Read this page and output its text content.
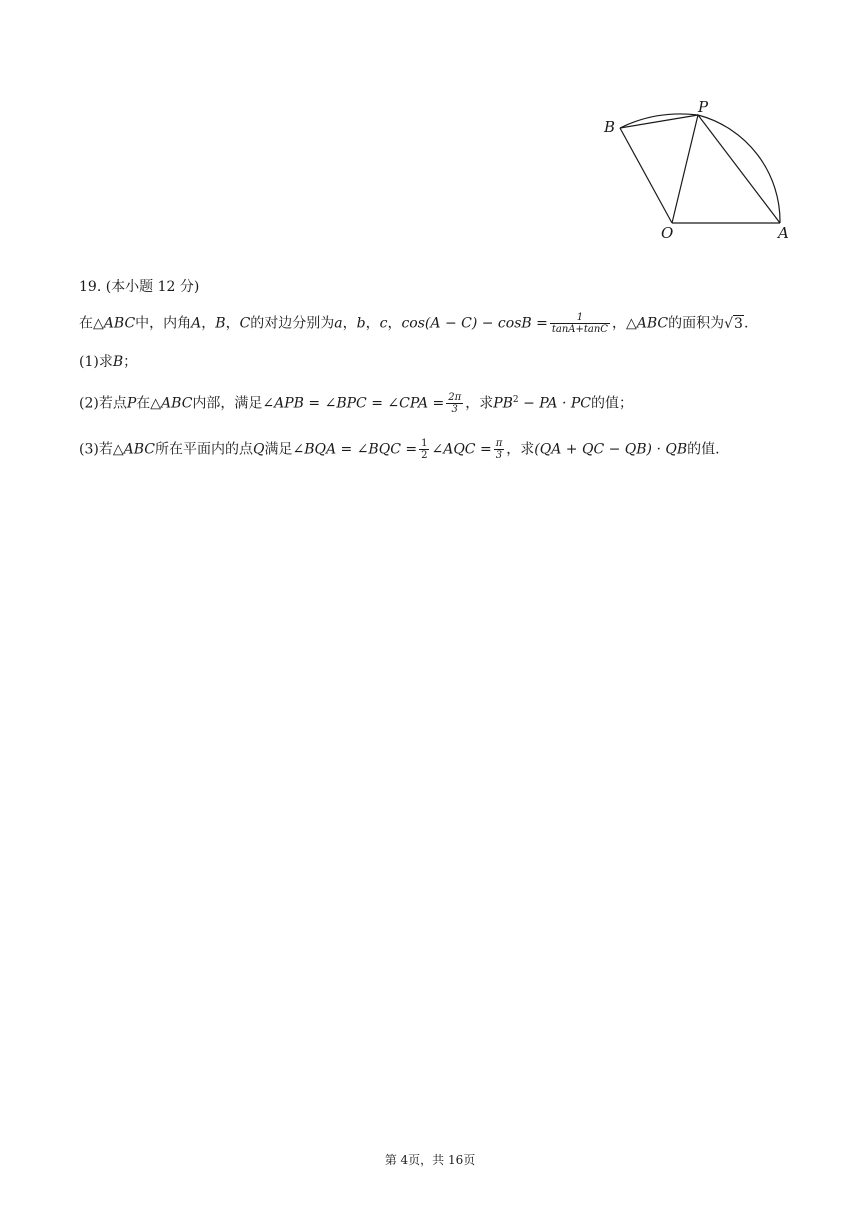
B
P
O	A
19. (本小题 12 分)
在△ABC中，内角A，B，C的对边分别为a，b，c，$\cos(A - C) - \cos B = \frac{1}{\tan A+\tan C}$ ，△ABC的面积为√3.
(1)求B；
(2)若点P在△ABC内部，满足∠APB = ∠BPC = ∠CPA = $\frac{2\pi}{3}$ ，求$PB^2$ − PA · PC的值；
(3)若△ABC所在平面内的点Q满足∠BQA = ∠BQC = $\frac{1}{2}$ ∠AQC = $\frac{\pi}{3}$ ，求(QA + QC − QB) · QB的值.
第 4页，共 16页
